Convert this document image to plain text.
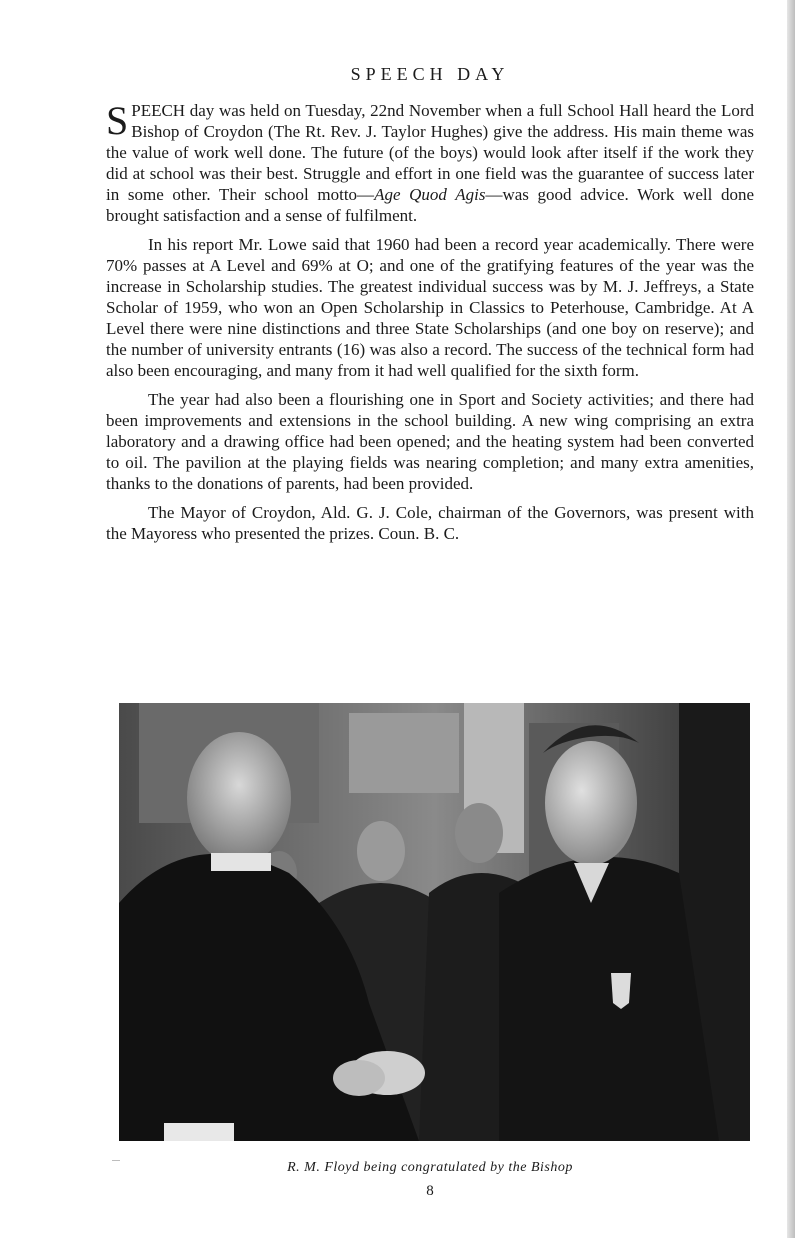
SPEECH DAY

SPEECH day was held on Tuesday, 22nd November when a full School Hall heard the Lord Bishop of Croydon (The Rt. Rev. J. Taylor Hughes) give the address. His main theme was the value of work well done. The future (of the boys) would look after itself if the work they did at school was their best. Struggle and effort in one field was the guarantee of success later in some other. Their school motto—Age Quod Agis—was good advice. Work well done brought satisfaction and a sense of fulfilment.

In his report Mr. Lowe said that 1960 had been a record year academically. There were 70% passes at A Level and 69% at O; and one of the gratifying features of the year was the increase in Scholarship studies. The greatest individual success was by M. J. Jeffreys, a State Scholar of 1959, who won an Open Scholarship in Classics to Peterhouse, Cambridge. At A Level there were nine distinctions and three State Scholarships (and one boy on reserve); and the number of university entrants (16) was also a record. The success of the technical form had also been encouraging, and many from it had well qualified for the sixth form.

The year had also been a flourishing one in Sport and Society activities; and there had been improvements and extensions in the school building. A new wing comprising an extra laboratory and a drawing office had been opened; and the heating system had been converted to oil. The pavilion at the playing fields was nearing completion; and many extra amenities, thanks to the donations of parents, had been provided.

The Mayor of Croydon, Ald. G. J. Cole, chairman of the Governors, was present with the Mayoress who presented the prizes. Coun. B. C.

R. M. Floyd being congratulated by the Bishop
8
